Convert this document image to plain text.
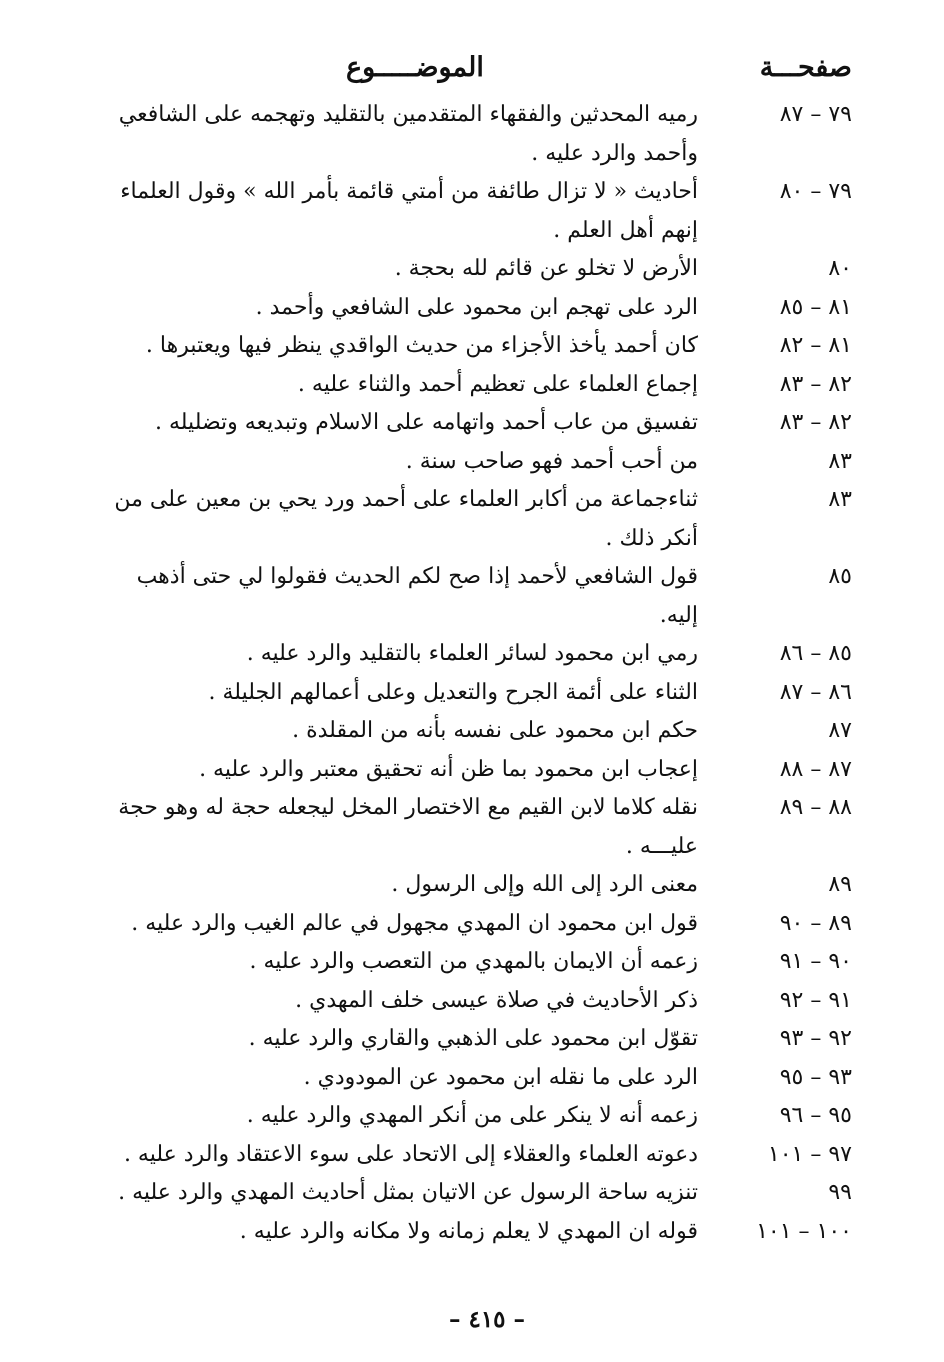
صفحـــة
الموضـــــوع
٧٩ – ٨٧
رميه المحدثين والفقهاء المتقدمين بالتقليد وتهجمه على الشافعي وأحمد والرد عليه .
٧٩ – ٨٠
أحاديث « لا تزال طائفة من أمتي قائمة بأمر الله » وقول العلماء إنهم أهل العلم .
٨٠
الأرض لا تخلو عن قائم لله بحجة .
٨١ – ٨٥
الرد على تهجم ابن محمود على الشافعي وأحمد .
٨١ – ٨٢
كان أحمد يأخذ الأجزاء من حديث الواقدي ينظر فيها ويعتبرها .
٨٢ – ٨٣
إجماع العلماء على تعظيم أحمد والثناء عليه .
٨٢ – ٨٣
تفسيق من عاب أحمد واتهامه على الاسلام وتبديعه وتضليله .
٨٣
من أحب أحمد فهو صاحب سنة .
٨٣
ثناءجماعة من أكابر العلماء على أحمد ورد يحي بن معين على من أنكر ذلك .
٨٥
قول الشافعي لأحمد إذا صح لكم الحديث فقولوا لي حتى أذهب إليه.
٨٥ – ٨٦
رمي ابن محمود لسائر العلماء بالتقليد والرد عليه .
٨٦ – ٨٧
الثناء على أئمة الجرح والتعديل وعلى أعمالهم الجليلة .
٨٧
حكم ابن محمود على نفسه بأنه من المقلدة .
٨٧ – ٨٨
إعجاب ابن محمود بما ظن أنه تحقيق معتبر والرد عليه .
٨٨ – ٨٩
نقله كلاما لابن القيم مع الاختصار المخل ليجعله حجة له وهو حجة عليـــه .
٨٩
معنى الرد إلى الله وإلى الرسول .
٨٩ – ٩٠
قول ابن محمود ان المهدي مجهول في عالم الغيب والرد عليه .
٩٠ – ٩١
زعمه أن الايمان بالمهدي من التعصب والرد عليه .
٩١ – ٩٢
ذكر الأحاديث في صلاة عيسى خلف المهدي .
٩٢ – ٩٣
تقوّل ابن محمود على الذهبي والقاري والرد عليه .
٩٣ – ٩٥
الرد على ما نقله ابن محمود عن المودودي .
٩٥ – ٩٦
زعمه أنه لا ينكر على من أنكر المهدي والرد عليه .
٩٧ – ١٠١
دعوته العلماء والعقلاء إلى الاتحاد على سوء الاعتقاد والرد عليه .
٩٩
تنزيه ساحة الرسول عن الاتيان بمثل أحاديث المهدي والرد عليه .
١٠٠ – ١٠١
قوله ان المهدي لا يعلم زمانه ولا مكانه والرد عليه .
– ٤١٥ –
